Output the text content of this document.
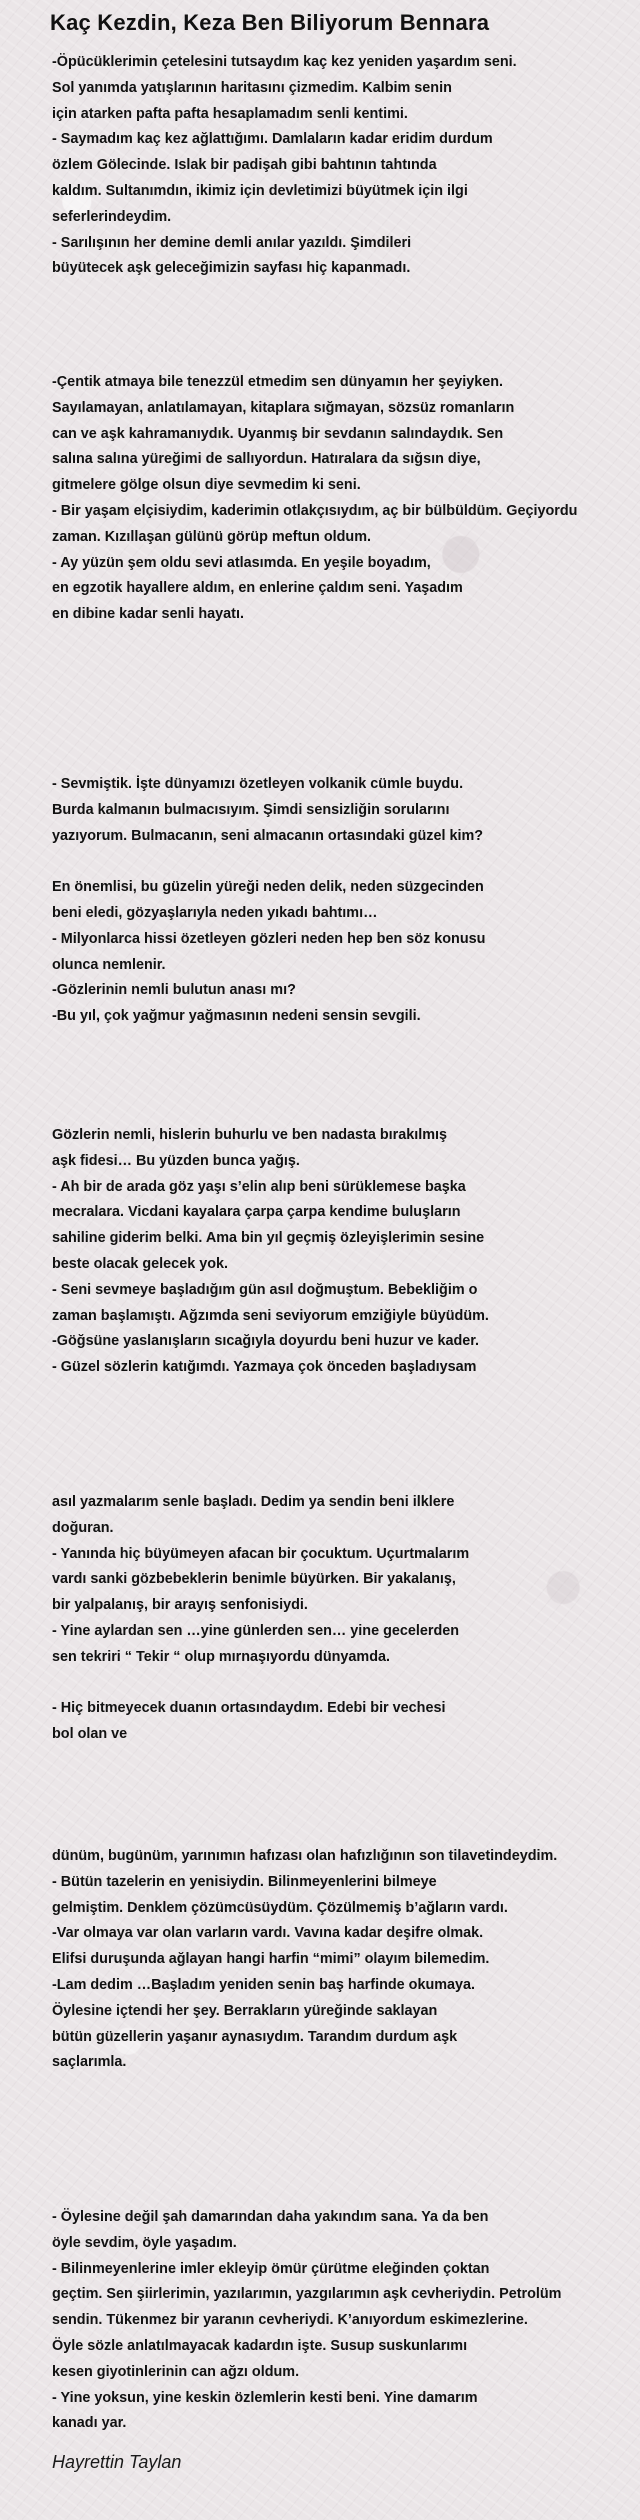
Kaç Kezdin, Keza Ben Biliyorum Bennara
-Öpücüklerimin çetelesini tutsaydım kaç kez yeniden yaşardım seni.
Sol yanımda yatışlarının haritasını çizmedim. Kalbim senin
için atarken pafta pafta hesaplamadım senli kentimi.
- Saymadım kaç kez ağlattığımı. Damlaların kadar eridim durdum
özlem Gölecinde. Islak bir padişah gibi bahtının tahtında
kaldım. Sultanımdın, ikimiz için devletimizi büyütmek için ilgi
seferlerindeydim.
- Sarılışının her demine demli anılar yazıldı. Şimdileri
büyütecek aşk geleceğimizin sayfası hiç kapanmadı.
-Çentik atmaya bile tenezzül etmedim sen dünyamın her şeyiyken.
Sayılamayan, anlatılamayan, kitaplara sığmayan, sözsüz romanların
can ve aşk kahramanıydık. Uyanmış bir sevdanın salındaydık. Sen
salına salına yüreğimi de sallıyordun. Hatıralara da sığsın diye,
gitmelere gölge olsun diye sevmedim ki seni.
- Bir yaşam elçisiydim, kaderimin otlakçısıydım, aç bir bülbüldüm. Geçiyordu
zaman. Kızıllaşan gülünü görüp meftun oldum.
- Ay yüzün şem oldu sevi atlasımda. En yeşile boyadım,
en egzotik hayallere aldım, en enlerine çaldım seni. Yaşadım
en dibine kadar senli hayatı.
- Sevmiştik. İşte dünyamızı özetleyen volkanik cümle buydu.
Burda kalmanın bulmacısıyım. Şimdi sensizliğin sorularını
yazıyorum. Bulmacanın, seni almacanın ortasındaki güzel kim?
En önemlisi, bu güzelin yüreği neden delik, neden süzgecinden
beni eledi, gözyaşlarıyla neden yıkadı bahtımı…
- Milyonlarca hissi özetleyen gözleri neden hep ben söz konusu
olunca nemlenir.
-Gözlerinin nemli bulutun anası mı?
-Bu yıl, çok yağmur yağmasının nedeni sensin sevgili.
Gözlerin nemli, hislerin buhurlu ve ben nadasta bırakılmış
aşk fidesi… Bu yüzden bunca yağış.
- Ah bir de arada göz yaşı s’elin alıp beni sürüklemese başka
mecralara. Vicdani kayalara çarpa çarpa kendime buluşların
sahiline giderim belki. Ama bin yıl geçmiş özleyişlerimin sesine
beste olacak gelecek yok.
- Seni sevmeye başladığım gün asıl doğmuştum. Bebekliğim o
zaman başlamıştı. Ağzımda seni seviyorum emziğiyle büyüdüm.
-Göğsüne yaslanışların sıcağıyla doyurdu beni huzur ve kader.
- Güzel sözlerin katığımdı. Yazmaya çok önceden başladıysam
asıl yazmalarım senle başladı. Dedim ya sendin beni ilklere
doğuran.
- Yanında hiç büyümeyen afacan bir çocuktum. Uçurtmalarım
vardı sanki gözbebeklerin benimle büyürken. Bir yakalanış,
bir yalpalanış, bir arayış senfonisiydi.
- Yine aylardan sen …yine günlerden sen… yine gecelerden
sen tekriri “ Tekir “ olup mırnaşıyordu dünyamda.
- Hiç bitmeyecek duanın ortasındaydım. Edebi bir vechesi
bol olan ve
dünüm, bugünüm, yarınımın hafızası olan hafızlığının son tilavetindeydim.
- Bütün tazelerin en yenisiydin. Bilinmeyenlerini bilmeye
gelmiştim. Denklem çözümcüsüydüm. Çözülmemiş b’ağların vardı.
-Var olmaya var olan varların vardı. Vavına kadar deşifre olmak.
Elifsi duruşunda ağlayan hangi harfin “mimi” olayım bilemedim.
-Lam dedim …Başladım yeniden senin baş harfinde okumaya.
Öylesine içtendi her şey. Berrakların yüreğinde saklayan
bütün güzellerin yaşanır aynasıydım. Tarandım durdum aşk
saçlarımla.
- Öylesine değil şah damarından daha yakındım sana. Ya da ben
öyle sevdim, öyle yaşadım.
- Bilinmeyenlerine imler ekleyip ömür çürütme eleğinden çoktan
geçtim. Sen şiirlerimin, yazılarımın, yazgılarımın aşk cevheriydin. Petrolüm
sendin. Tükenmez bir yaranın cevheriydi. K’anıyordum eskimezlerine.
Öyle sözle anlatılmayacak kadardın işte. Susup suskunlarımı
kesen giyotinlerinin can ağzı oldum.
- Yine yoksun, yine keskin özlemlerin kesti beni. Yine damarım
kanadı yar.
Hayrettin Taylan
